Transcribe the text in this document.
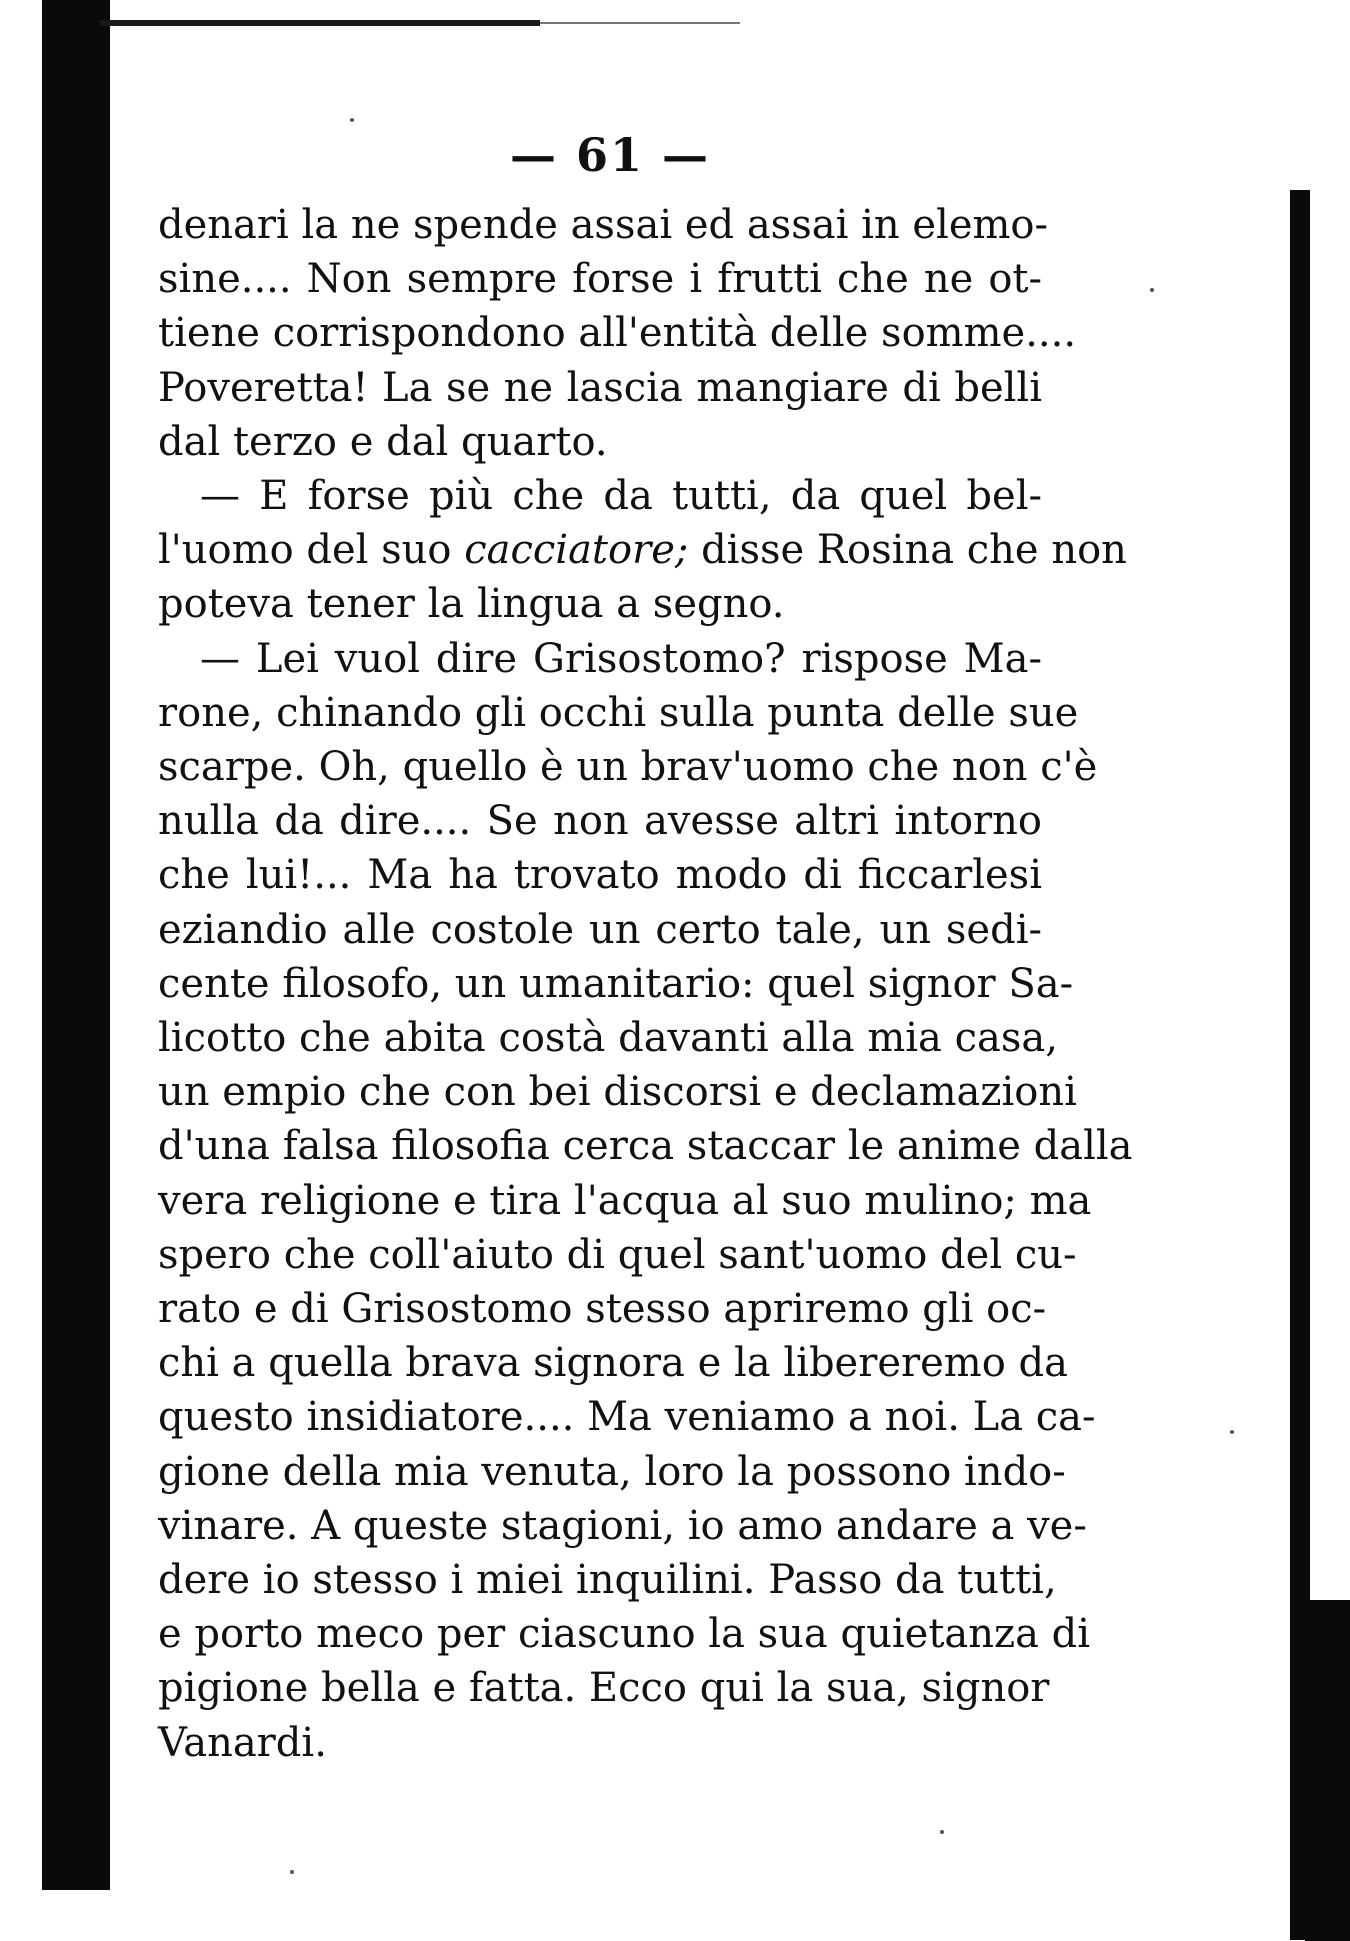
— 61 —
denari la ne spende assai ed assai in elemo-
sine.... Non sempre forse i frutti che ne ot-
tiene corrispondono all'entità delle somme....
Poveretta! La se ne lascia mangiare di belli
dal terzo e dal quarto.
— E forse più che da tutti, da quel bel-
l'uomo del suo cacciatore; disse Rosina che non
poteva tener la lingua a segno.
— Lei vuol dire Grisostomo? rispose Ma-
rone, chinando gli occhi sulla punta delle sue
scarpe. Oh, quello è un brav'uomo che non c'è
nulla da dire.... Se non avesse altri intorno
che lui!... Ma ha trovato modo di ficcarlesi
eziandio alle costole un certo tale, un sedi-
cente filosofo, un umanitario: quel signor Sa-
licotto che abita costà davanti alla mia casa,
un empio che con bei discorsi e declamazioni
d'una falsa filosofia cerca staccar le anime dalla
vera religione e tira l'acqua al suo mulino; ma
spero che coll'aiuto di quel sant'uomo del cu-
rato e di Grisostomo stesso apriremo gli oc-
chi a quella brava signora e la libereremo da
questo insidiatore.... Ma veniamo a noi. La ca-
gione della mia venuta, loro la possono indo-
vinare. A queste stagioni, io amo andare a ve-
dere io stesso i miei inquilini. Passo da tutti,
e porto meco per ciascuno la sua quietanza di
pigione bella e fatta. Ecco qui la sua, signor
Vanardi.
